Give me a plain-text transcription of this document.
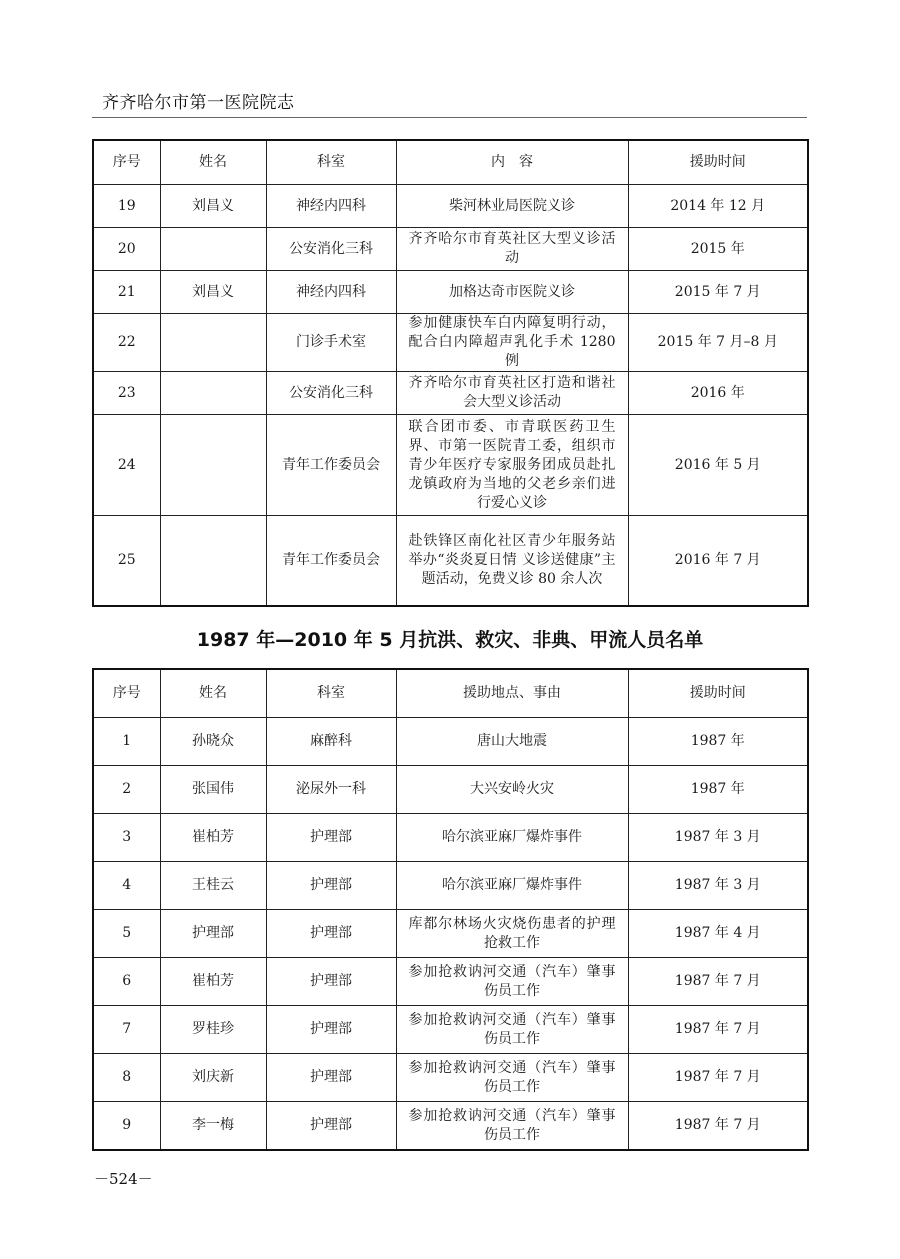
齐齐哈尔市第一医院院志
序号	姓名	科室	内　容	援助时间
19	刘昌义	神经内四科	柴河林业局医院义诊	2014 年 12 月
20		公安消化三科	齐齐哈尔市育英社区大型义诊活动	2015 年
21	刘昌义	神经内四科	加格达奇市医院义诊	2015 年 7 月
22		门诊手术室	参加健康快车白内障复明行动，配合白内障超声乳化手术 1280 例	2015 年 7 月–8 月
23		公安消化三科	齐齐哈尔市育英社区打造和谐社会大型义诊活动	2016 年
24		青年工作委员会	联合团市委、市青联医药卫生界、市第一医院青工委，组织市青少年医疗专家服务团成员赴扎龙镇政府为当地的父老乡亲们进行爱心义诊	2016 年 5 月
25		青年工作委员会	赴铁锋区南化社区青少年服务站举办“炎炎夏日情 义诊送健康”主题活动，免费义诊 80 余人次	2016 年 7 月
1987 年—2010 年 5 月抗洪、救灾、非典、甲流人员名单
序号	姓名	科室	援助地点、事由	援助时间
1	孙晓众	麻醉科	唐山大地震	1987 年
2	张国伟	泌尿外一科	大兴安岭火灾	1987 年
3	崔柏芳	护理部	哈尔滨亚麻厂爆炸事件	1987 年 3 月
4	王桂云	护理部	哈尔滨亚麻厂爆炸事件	1987 年 3 月
5	护理部	护理部	库都尔林场火灾烧伤患者的护理抢救工作	1987 年 4 月
6	崔柏芳	护理部	参加抢救讷河交通（汽车）肇事伤员工作	1987 年 7 月
7	罗桂珍	护理部	参加抢救讷河交通（汽车）肇事伤员工作	1987 年 7 月
8	刘庆新	护理部	参加抢救讷河交通（汽车）肇事伤员工作	1987 年 7 月
9	李一梅	护理部	参加抢救讷河交通（汽车）肇事伤员工作	1987 年 7 月
－524－
